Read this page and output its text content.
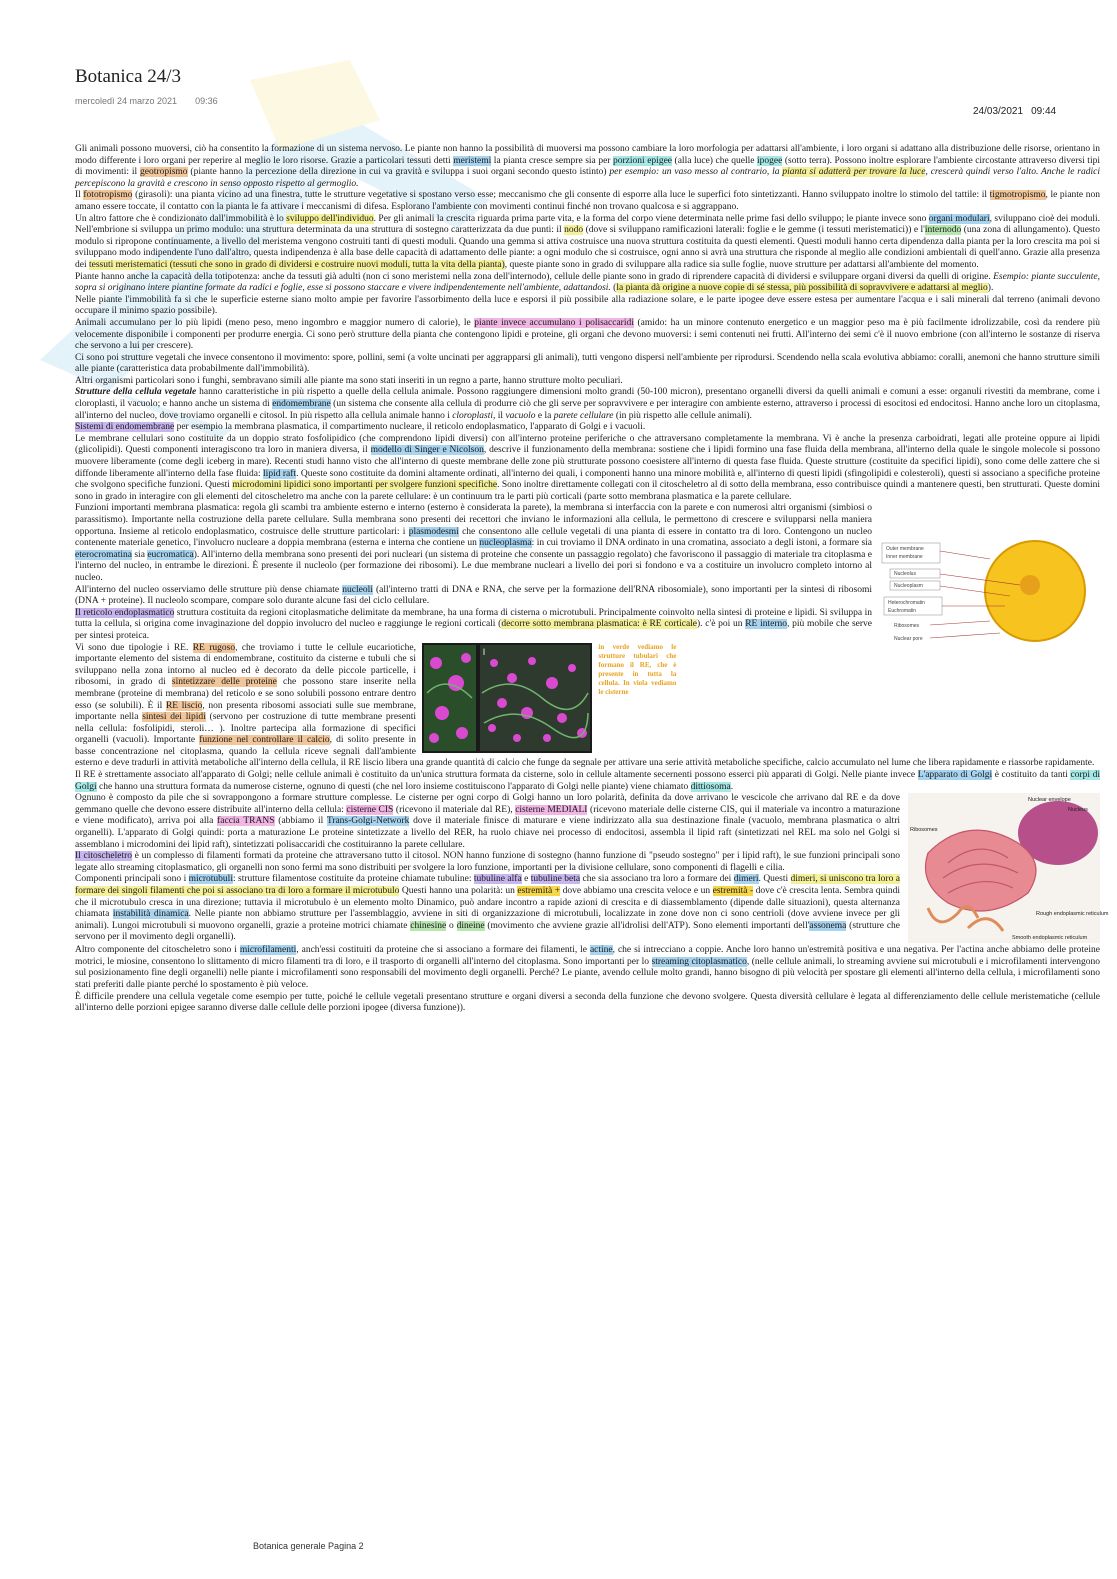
Botanica 24/3
mercoledì 24 marzo 2021 09:36
24/03/2021 09:44

Gli animali possono muoversi, ciò ha consentito la formazione di un sistema nervoso. Le piante non hanno la possibilità di muoversi ma possono cambiare la loro morfologia per adattarsi all'ambiente, i loro organi si adattano alla distribuzione delle risorse, orientano in modo differente i loro organi per reperire al meglio le loro risorse. Grazie a particolari tessuti detti meristemi la pianta cresce sempre sia per porzioni epigee (alla luce) che quelle ipogee (sotto terra). Possono inoltre esplorare l'ambiente circostante attraverso diversi tipi di movimenti: il geotropismo (piante hanno la percezione della direzione in cui va gravità e sviluppa i suoi organi secondo questo istinto) per esempio: un vaso messo al contrario, la pianta si adatterà per trovare la luce, crescerà quindi verso l'alto. Anche le radici percepiscono la gravità e crescono in senso opposto rispetto al germoglio.

Il fototropismo (girasoli): una pianta vicino ad una finestra, tutte le strutture vegetative si spostano verso esse; meccanismo che gli consente di esporre alla luce le superfici foto sintetizzanti. Hanno sviluppato inoltre lo stimolo del tattile: il tigmotropismo, le piante non amano essere toccate, il contatto con la pianta le fa attivare i meccanismi di difesa. Esplorano l'ambiente con movimenti continui finché non trovano qualcosa e si aggrappano.

Un altro fattore che è condizionato dall'immobilità è lo sviluppo dell'individuo. Per gli animali la crescita riguarda prima parte vita, e la forma del corpo viene determinata nelle prime fasi dello sviluppo; le piante invece sono organi modulari, sviluppano cioè dei moduli. Nell'embrione si sviluppa un primo modulo: una struttura determinata da una struttura di sostegno caratterizzata da due punti: il nodo (dove si sviluppano ramificazioni laterali: foglie e le gemme (i tessuti meristematici)) e l'internodo (una zona di allungamento). Questo modulo si ripropone continuamente, a livello del meristema vengono costruiti tanti di questi moduli. Quando una gemma si attiva costruisce una nuova struttura costituita da questi elementi. Questi moduli hanno certa dipendenza dalla pianta per la loro crescita ma poi si sviluppano modo indipendente l'uno dall'altro, questa indipendenza è alla base delle capacità di adattamento delle piante: a ogni modulo che si costruisce, ogni anno si avrà una struttura che risponde al meglio alle condizioni ambientali di quell'anno. Grazie alla presenza dei tessuti meristematici (tessuti che sono in grado di dividersi e costruire nuovi moduli, tutta la vita della pianta), queste piante sono in grado di sviluppare alla radice sia sulle foglie, nuove strutture per adattarsi all'ambiente del momento.

Piante hanno anche la capacità della totipotenza: anche da tessuti già adulti (non ci sono meristemi nella zona dell'internodo), cellule delle piante sono in grado di riprendere capacità di dividersi e sviluppare organi diversi da quelli di origine. Esempio: piante succulente, sopra si originano intere piantine formate da radici e foglie, esse si possono staccare e vivere indipendentemente nell'ambiente, adattandosi. (la pianta dà origine a nuove copie di sé stessa, più possibilità di sopravvivere e adattarsi al meglio).

Nelle piante l'immobilità fa sì che le superficie esterne siano molto ampie per favorire l'assorbimento della luce e esporsi il più possibile alla radiazione solare, e le parte ipogee deve essere estesa per aumentare l'acqua e i sali minerali dal terreno (animali devono occupare il minimo spazio possibile).

Animali accumulano per lo più lipidi (meno peso, meno ingombro e maggior numero di calorie), le piante invece accumulano i polisaccaridi (amido: ha un minore contenuto energetico e un maggior peso ma è più facilmente idrolizzabile, così da rendere più velocemente disponibile i componenti per produrre energia. Ci sono però strutture della pianta che contengono lipidi e proteine, gli organi che devono muoversi: i semi contenuti nei frutti. All'interno dei semi c'è il nuovo embrione (con all'interno le sostanze di riserva che servono a lui per crescere).

Ci sono poi strutture vegetali che invece consentono il movimento: spore, pollini, semi (a volte uncinati per aggrapparsi gli animali), tutti vengono dispersi nell'ambiente per riprodursi. Scendendo nella scala evolutiva abbiamo: coralli, anemoni che hanno strutture simili alle piante (caratteristica data probabilmente dall'immobilità).

Altri organismi particolari sono i funghi, sembravano simili alle piante ma sono stati inseriti in un regno a parte, hanno strutture molto peculiari.

Strutture della cellula vegetale hanno caratteristiche in più rispetto a quelle della cellula animale. Possono raggiungere dimensioni molto grandi (50-100 micron), presentano organelli diversi da quelli animali e comuni a esse: organuli rivestiti da membrane, come i cloroplasti, il vacuolo; e hanno anche un sistema di endomembrane (un sistema che consente alla cellula di produrre ciò che gli serve per sopravvivere e per interagire con ambiente esterno, attraverso i processi di esocitosi ed endocitosi. Hanno anche loro un citoplasma, all'interno del nucleo, dove troviamo organelli e citosol. In più rispetto alla cellula animale hanno i cloroplasti, il vacuolo e la parete cellulare (in più rispetto alle cellule animali).

Sistemi di endomembrane per esempio la membrana plasmatica, il compartimento nucleare, il reticolo endoplasmatico, l'apparato di Golgi e i vacuoli.

Le membrane cellulari sono costituite da un doppio strato fosfolipidico (che comprendono lipidi diversi) con all'interno proteine periferiche o che attraversano completamente la membrana. Vi è anche la presenza carboidrati, legati alle proteine oppure ai lipidi (glicolipidi). Questi componenti interagiscono tra loro in maniera diversa, il modello di Singer e Nicolson, descrive il funzionamento della membrana: sostiene che i lipidi formino una fase fluida della membrana, all'interno della quale le singole molecole si possono muovere liberamente (come degli iceberg in mare). Recenti studi hanno visto che all'interno di queste membrane delle zone più strutturate possono coesistere all'interno di questa fase fluida. Queste strutture (costituite da specifici lipidi), sono come delle zattere che si diffonde liberamente all'interno della fase fluida: lipid raft. Queste sono costituite da domini altamente ordinati, all'interno dei quali, i componenti hanno una minore mobilità e, all'interno di questi lipidi (sfingolipidi e colesteroli), questi si associano a specifiche proteine che svolgono specifiche funzioni. Questi microdomini lipidici sono importanti per svolgere funzioni specifiche. Sono inoltre direttamente collegati con il citoscheletro al di sotto della membrana, esso contribuisce quindi a mantenere questi, ben strutturati. Queste domini sono in grado in interagire con gli elementi del citoscheletro ma anche con la parete cellulare: è un continuum tra le parti più corticali (parte sotto membrana plasmatica e la parete cellulare.

Outer membrane
Inner membrane
Nucleolus
Nucleoplasm
Heterochromatin
Euchromatin
Ribosomes
Nuclear pore

Funzioni importanti membrana plasmatica: regola gli scambi tra ambiente esterno e interno (esterno è considerata la parete), la membrana si interfaccia con la parete e con numerosi altri organismi (simbiosi o parassitismo). Importante nella costruzione della parete cellulare. Sulla membrana sono presenti dei recettori che inviano le informazioni alla cellula, le permettono di crescere e svilupparsi nella maniera opportuna. Insieme al reticolo endoplasmatico, costruisce delle strutture particolari: i plasmodesmi che consentono alle cellule vegetali di una pianta di essere in contatto tra di loro. Contengono un nucleo contenente materiale genetico, l'involucro nucleare a doppia membrana (esterna e interna che contiene un nucleoplasma: in cui troviamo il DNA ordinato in una cromatina, associato a degli istoni, a formare sia eterocromatina sia eucromatica). All'interno della membrana sono presenti dei pori nucleari (un sistema di proteine che consente un passaggio regolato) che favoriscono il passaggio di materiale tra citoplasma e l'interno del nucleo, in entrambe le direzioni. È presente il nucleolo (per formazione dei ribosomi). Le due membrane nucleari a livello dei pori si fondono e va a costituire un involucro completo intorno al nucleo.

All'interno del nucleo osserviamo delle strutture più dense chiamate nucleoli (all'interno tratti di DNA e RNA, che serve per la formazione dell'RNA ribosomiale), sono importanti per la sintesi di ribosomi (DNA + proteine). Il nucleolo scompare, compare solo durante alcune fasi del ciclo cellulare.

Il reticolo endoplasmatico struttura costituita da regioni citoplasmatiche delimitate da membrane, ha una forma di cisterna o microtubuli. Principalmente coinvolto nella sintesi di proteine e lipidi. Si sviluppa in tutta la cellula, si origina come invaginazione del doppio involucro del nucleo e raggiunge le regioni corticali (decorre sotto membrana plasmatica: è RE corticale). c'è poi un RE interno, più mobile che serve per sintesi proteica.

l	in verde vediamo le strutture tubulari che formano il RE, che è presente in tutta la cellula. In viola vediamo le cisterne

Vi sono due tipologie i RE. RE rugoso, che troviamo i tutte le cellule eucariotiche, importante elemento del sistema di endomembrane, costituito da cisterne e tubuli che si sviluppano nella zona intorno al nucleo ed è decorato da delle piccole particelle, i ribosomi, in grado di sintetizzare delle proteine che possono stare inserite nella membrane (proteine di membrana) del reticolo e se sono solubili possono entrare dentro esso (se solubili). È il RE liscio, non presenta ribosomi associati sulle sue membrane, importante nella sintesi dei lipidi (servono per costruzione di tutte membrane presenti nella cellula: fosfolipidi, steroli… ). Inoltre partecipa alla formazione di specifici organelli (vacuoli). Importante funzione nel controllare il calcio, di solito presente in basse concentrazione nel citoplasma, quando la cellula riceve segnali dall'ambiente esterno e deve tradurli in attività metaboliche all'interno della cellula, il RE liscio libera una grande quantità di calcio che funge da segnale per attivare una serie attività metaboliche specifiche, calcio accumulato nel lume che libera rapidamente e riassorbe rapidamente.

Il RE è strettamente associato all'apparato di Golgi; nelle cellule animali è costituito da un'unica struttura formata da cisterne, solo in cellule altamente secernenti possono esserci più apparati di Golgi. Nelle piante invece L'apparato di Golgi è costituito da tanti corpi di Golgi che hanno una struttura formata da numerose cisterne, ognuno di questi (che nel loro insieme costituiscono l'apparato di Golgi nelle piante) viene chiamato dittiosoma.

Nuclear envelope
Nucleus
Ribosomes
Rough endoplasmic reticulum
Smooth endoplasmic reticulum

Ognuno è composto da pile che si sovrappongono a formare strutture complesse. Le cisterne per ogni corpo di Golgi hanno un loro polarità, definita da dove arrivano le vescicole che arrivano dal RE e da dove gemmano quelle che devono essere distribuite all'interno della cellula: cisterne CIS (ricevono il materiale dal RE), cisterne MEDIALI (ricevono materiale delle cisterne CIS, qui il materiale va incontro a maturazione e viene modificato), arriva poi alla faccia TRANS (abbiamo il Trans-Golgi-Network dove il materiale finisce di maturare e viene indirizzato alla sua destinazione finale (vacuolo, membrana plasmatica o altri organelli). L'apparato di Golgi quindi: porta a maturazione Le proteine sintetizzate a livello del RER, ha ruolo chiave nei processo di endocitosi, assembla il lipid raft (sintetizzati nel REL ma solo nel Golgi si assemblano i microdomini dei lipid raft), sintetizzati polisaccaridi che costituiranno la parete cellulare.

Il citoscheletro è un complesso di filamenti formati da proteine che attraversano tutto il citosol. NON hanno funzione di sostegno (hanno funzione di "pseudo sostegno" per i lipid raft), le sue funzioni principali sono legate allo streaming citoplasmatico, gli organelli non sono fermi ma sono distribuiti per svolgere la loro funzione, importanti per la divisione cellulare, sono componenti di flagelli e cilia.

Componenti principali sono i microtubuli: strutture filamentose costituite da proteine chiamate tubuline: tubuline alfa e tubuline beta che sia associano tra loro a formare dei dimeri. Questi dimeri, si uniscono tra loro a formare dei singoli filamenti che poi si associano tra di loro a formare il microtubulo Questi hanno una polarità: un estremità + dove abbiamo una crescita veloce e un estremità - dove c'è crescita lenta. Sembra quindi che il microtubulo cresca in una direzione; tuttavia il microtubulo è un elemento molto Dinamico, può andare incontro a rapide azioni di crescita e di diassemblamento (dipende dalle situazioni), questa alternanza chiamata instabilità dinamica. Nelle piante non abbiamo strutture per l'assemblaggio, avviene in siti di organizzazione di microtubuli, localizzate in zone dove non ci sono centrioli (dove avviene invece per gli animali). Lungoi microtubuli si muovono organelli, grazie a proteine motrici chiamate chinesine o dineine (movimento che avviene grazie all'idrolisi dell'ATP). Sono elementi importanti dell'assonema (strutture che servono per il movimento degli organelli).

Altro componente del citoscheletro sono i microfilamenti, anch'essi costituiti da proteine che si associano a formare dei filamenti, le actine, che si intrecciano a coppie. Anche loro hanno un'estremità positiva e una negativa. Per l'actina anche abbiamo delle proteine motrici, le miosine, consentono lo slittamento di micro filamenti tra di loro, e il trasporto di organelli all'interno del citoplasma. Sono importanti per lo streaming citoplasmatico, (nelle cellule animali, lo streaming avviene sui microtubuli e i microfilamenti intervengono sul posizionamento fine degli organelli) nelle piante i microfilamenti sono responsabili del movimento degli organelli. Perché? Le piante, avendo cellule molto grandi, hanno bisogno di più velocità per spostare gli elementi all'interno della cellula, i microfilamenti sono stati preferiti dalle piante perché lo spostamento è più veloce.

È difficile prendere una cellula vegetale come esempio per tutte, poiché le cellule vegetali presentano strutture e organi diversi a seconda della funzione che devono svolgere. Questa diversità cellulare è legata al differenziamento delle cellule meristematiche (cellule all'interno delle porzioni epigee saranno diverse dalle cellule delle porzioni ipogee (diversa funzione)).

Botanica generale Pagina 2
